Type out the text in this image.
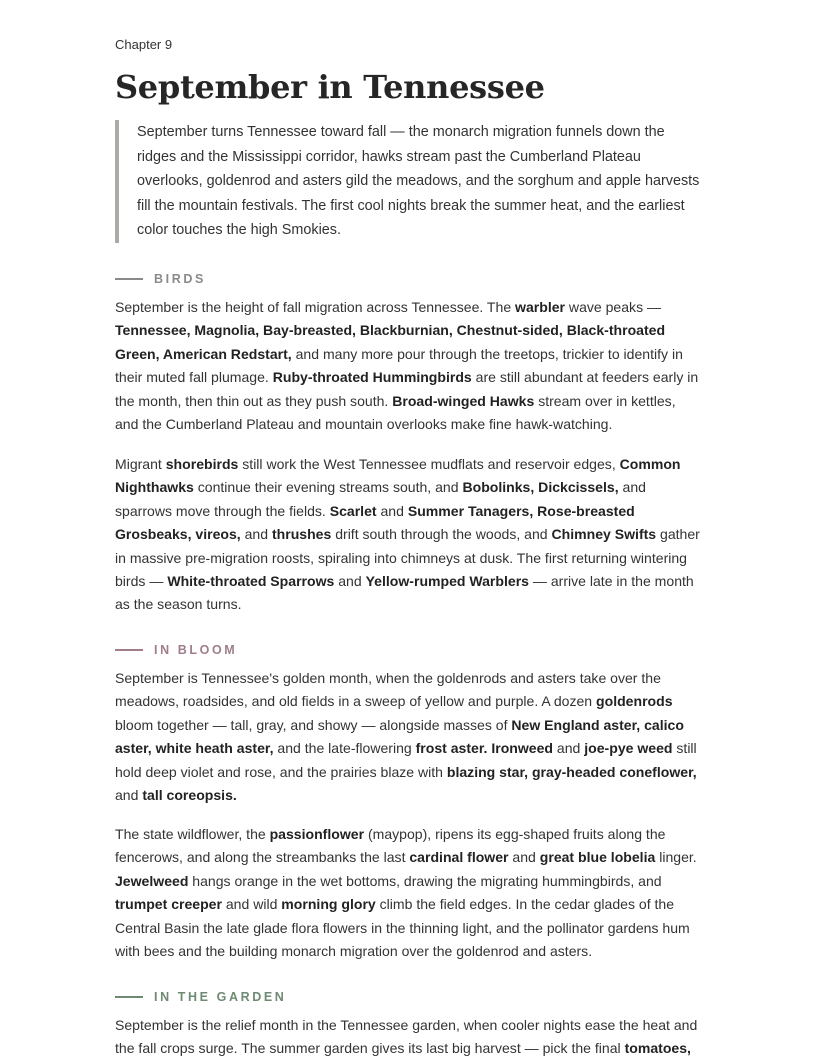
Chapter 9
September in Tennessee
September turns Tennessee toward fall — the monarch migration funnels down the ridges and the Mississippi corridor, hawks stream past the Cumberland Plateau overlooks, goldenrod and asters gild the meadows, and the sorghum and apple harvests fill the mountain festivals. The first cool nights break the summer heat, and the earliest color touches the high Smokies.
BIRDS

September is the height of fall migration across Tennessee. The warbler wave peaks — Tennessee, Magnolia, Bay-breasted, Blackburnian, Chestnut-sided, Black-throated Green, American Redstart, and many more pour through the treetops, trickier to identify in their muted fall plumage. Ruby-throated Hummingbirds are still abundant at feeders early in the month, then thin out as they push south. Broad-winged Hawks stream over in kettles, and the Cumberland Plateau and mountain overlooks make fine hawk-watching.

Migrant shorebirds still work the West Tennessee mudflats and reservoir edges, Common Nighthawks continue their evening streams south, and Bobolinks, Dickcissels, and sparrows move through the fields. Scarlet and Summer Tanagers, Rose-breasted Grosbeaks, vireos, and thrushes drift south through the woods, and Chimney Swifts gather in massive pre-migration roosts, spiraling into chimneys at dusk. The first returning wintering birds — White-throated Sparrows and Yellow-rumped Warblers — arrive late in the month as the season turns.

IN BLOOM

September is Tennessee's golden month, when the goldenrods and asters take over the meadows, roadsides, and old fields in a sweep of yellow and purple. A dozen goldenrods bloom together — tall, gray, and showy — alongside masses of New England aster, calico aster, white heath aster, and the late-flowering frost aster. Ironweed and joe-pye weed still hold deep violet and rose, and the prairies blaze with blazing star, gray-headed coneflower, and tall coreopsis.

The state wildflower, the passionflower (maypop), ripens its egg-shaped fruits along the fencerows, and along the streambanks the last cardinal flower and great blue lobelia linger. Jewelweed hangs orange in the wet bottoms, drawing the migrating hummingbirds, and trumpet creeper and wild morning glory climb the field edges. In the cedar glades of the Central Basin the late glade flora flowers in the thinning light, and the pollinator gardens hum with bees and the building monarch migration over the goldenrod and asters.

IN THE GARDEN

September is the relief month in the Tennessee garden, when cooler nights ease the heat and the fall crops surge. The summer garden gives its last big harvest — pick the final tomatoes,
